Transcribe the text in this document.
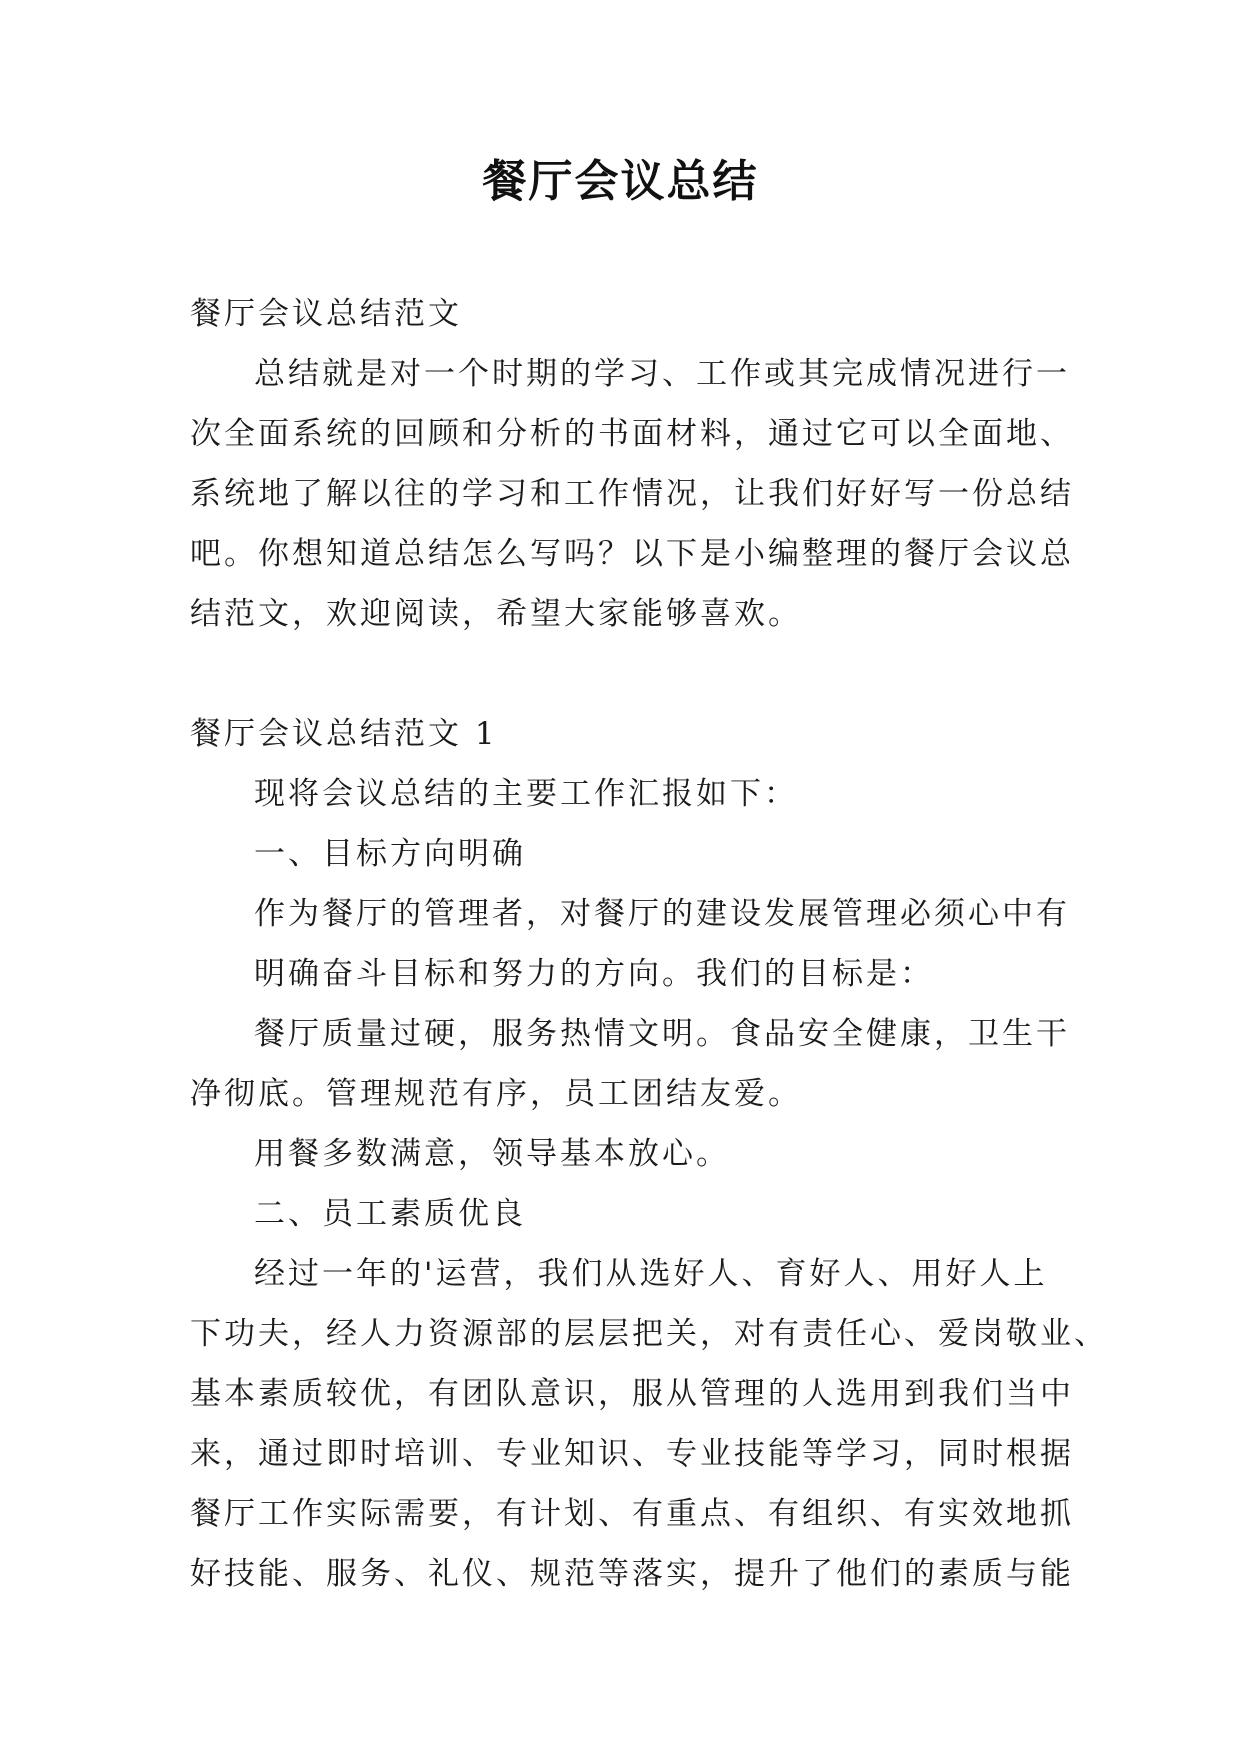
餐厅会议总结
餐厅会议总结范文
总结就是对一个时期的学习、工作或其完成情况进行一
次全面系统的回顾和分析的书面材料，通过它可以全面地、
系统地了解以往的学习和工作情况，让我们好好写一份总结
吧。你想知道总结怎么写吗？以下是小编整理的餐厅会议总
结范文，欢迎阅读，希望大家能够喜欢。
餐厅会议总结范文 1
现将会议总结的主要工作汇报如下：
一、目标方向明确
作为餐厅的管理者，对餐厅的建设发展管理必须心中有
明确奋斗目标和努力的方向。我们的目标是：
餐厅质量过硬，服务热情文明。食品安全健康，卫生干
净彻底。管理规范有序，员工团结友爱。
用餐多数满意，领导基本放心。
二、员工素质优良
经过一年的'运营，我们从选好人、育好人、用好人上
下功夫，经人力资源部的层层把关，对有责任心、爱岗敬业、
基本素质较优，有团队意识，服从管理的人选用到我们当中
来，通过即时培训、专业知识、专业技能等学习，同时根据
餐厅工作实际需要，有计划、有重点、有组织、有实效地抓
好技能、服务、礼仪、规范等落实，提升了他们的素质与能
